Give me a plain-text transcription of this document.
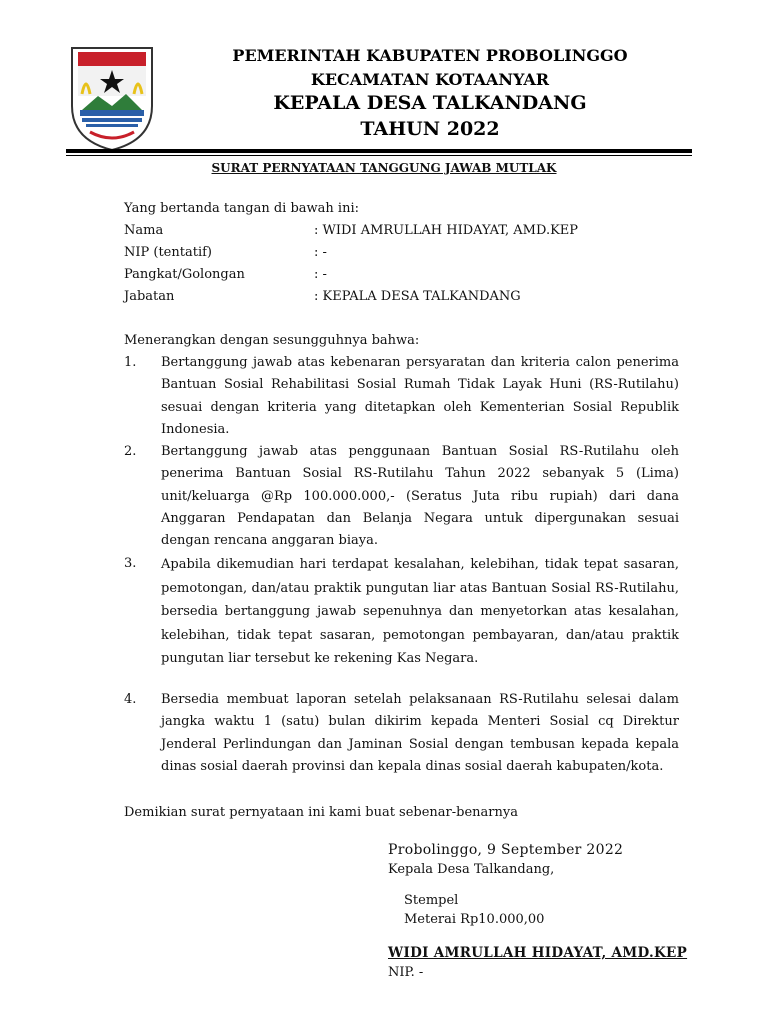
PEMERINTAH KABUPATEN PROBOLINGGO
KECAMATAN KOTAANYAR
KEPALA DESA TALKANDANG
TAHUN 2022
SURAT PERNYATAAN TANGGUNG JAWAB MUTLAK
Yang bertanda tangan di bawah ini:
Nama	: WIDI AMRULLAH HIDAYAT, AMD.KEP
NIP (tentatif)	: -
Pangkat/Golongan	: -
Jabatan	: KEPALA DESA TALKANDANG
Menerangkan dengan sesungguhnya bahwa:
1. Bertanggung jawab atas kebenaran persyaratan dan kriteria calon penerima Bantuan Sosial Rehabilitasi Sosial Rumah Tidak Layak Huni (RS-Rutilahu) sesuai dengan kriteria yang ditetapkan oleh Kementerian Sosial Republik Indonesia.
2. Bertanggung jawab atas penggunaan Bantuan Sosial RS-Rutilahu oleh penerima Bantuan Sosial RS-Rutilahu Tahun 2022 sebanyak 5 (Lima) unit/keluarga @Rp 100.000.000,- (Seratus Juta ribu rupiah) dari dana Anggaran Pendapatan dan Belanja Negara untuk dipergunakan sesuai dengan rencana anggaran biaya.
3. Apabila dikemudian hari terdapat kesalahan, kelebihan, tidak tepat sasaran, pemotongan, dan/atau praktik pungutan liar atas Bantuan Sosial RS-Rutilahu, bersedia bertanggung jawab sepenuhnya dan menyetorkan atas kesalahan, kelebihan, tidak tepat sasaran, pemotongan pembayaran, dan/atau praktik pungutan liar tersebut ke rekening Kas Negara.
4. Bersedia membuat laporan setelah pelaksanaan RS-Rutilahu selesai dalam jangka waktu 1 (satu) bulan dikirim kepada Menteri Sosial cq Direktur Jenderal Perlindungan dan Jaminan Sosial dengan tembusan kepada kepala dinas sosial daerah provinsi dan kepala dinas sosial daerah kabupaten/kota.
Demikian surat pernyataan ini kami buat sebenar-benarnya
Probolinggo, 9 September 2022
Kepala Desa Talkandang,
Stempel
Meterai Rp10.000,00
WIDI AMRULLAH HIDAYAT, AMD.KEP
NIP. -
